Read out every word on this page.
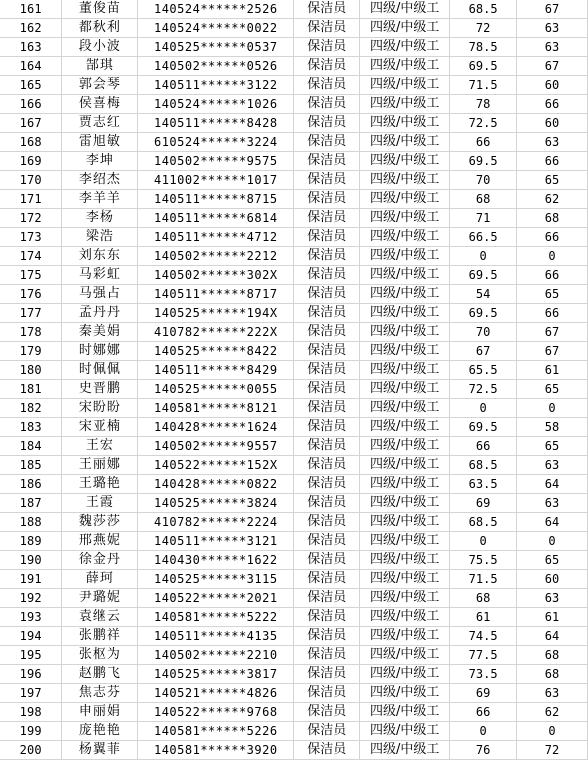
161	董俊苗	140524******2526	保洁员	四级/中级工	68.5	67
162	都秋利	140524******0022	保洁员	四级/中级工	72	63
163	段小波	140525******0537	保洁员	四级/中级工	78.5	63
164	郜琪	140502******0526	保洁员	四级/中级工	69.5	67
165	郭会琴	140511******3122	保洁员	四级/中级工	71.5	60
166	侯喜梅	140524******1026	保洁员	四级/中级工	78	66
167	贾志红	140511******8428	保洁员	四级/中级工	72.5	60
168	雷旭敏	610524******3224	保洁员	四级/中级工	66	63
169	李坤	140502******9575	保洁员	四级/中级工	69.5	66
170	李绍杰	411002******1017	保洁员	四级/中级工	70	65
171	李羊羊	140511******8715	保洁员	四级/中级工	68	62
172	李杨	140511******6814	保洁员	四级/中级工	71	68
173	梁浩	140511******4712	保洁员	四级/中级工	66.5	66
174	刘东东	140502******2212	保洁员	四级/中级工	0	0
175	马彩虹	140502******302X	保洁员	四级/中级工	69.5	66
176	马强占	140511******8717	保洁员	四级/中级工	54	65
177	孟丹丹	140525******194X	保洁员	四级/中级工	69.5	66
178	秦美娟	410782******222X	保洁员	四级/中级工	70	67
179	时娜娜	140525******8422	保洁员	四级/中级工	67	67
180	时佩佩	140511******8429	保洁员	四级/中级工	65.5	61
181	史晋鹏	140525******0055	保洁员	四级/中级工	72.5	65
182	宋盼盼	140581******8121	保洁员	四级/中级工	0	0
183	宋亚楠	140428******1624	保洁员	四级/中级工	69.5	58
184	王宏	140502******9557	保洁员	四级/中级工	66	65
185	王丽娜	140522******152X	保洁员	四级/中级工	68.5	63
186	王璐艳	140428******0822	保洁员	四级/中级工	63.5	64
187	王霞	140525******3824	保洁员	四级/中级工	69	63
188	魏莎莎	410782******2224	保洁员	四级/中级工	68.5	64
189	邢燕妮	140511******3121	保洁员	四级/中级工	0	0
190	徐金丹	140430******1622	保洁员	四级/中级工	75.5	65
191	薛珂	140525******3115	保洁员	四级/中级工	71.5	60
192	尹璐妮	140522******2021	保洁员	四级/中级工	68	63
193	袁继云	140581******5222	保洁员	四级/中级工	61	61
194	张鹏祥	140511******4135	保洁员	四级/中级工	74.5	64
195	张枢为	140502******2210	保洁员	四级/中级工	77.5	68
196	赵鹏飞	140525******3817	保洁员	四级/中级工	73.5	68
197	焦志芬	140521******4826	保洁员	四级/中级工	69	63
198	申丽娟	140522******9768	保洁员	四级/中级工	66	62
199	庞艳艳	140581******5226	保洁员	四级/中级工	0	0
200	杨翼菲	140581******3920	保洁员	四级/中级工	76	72
